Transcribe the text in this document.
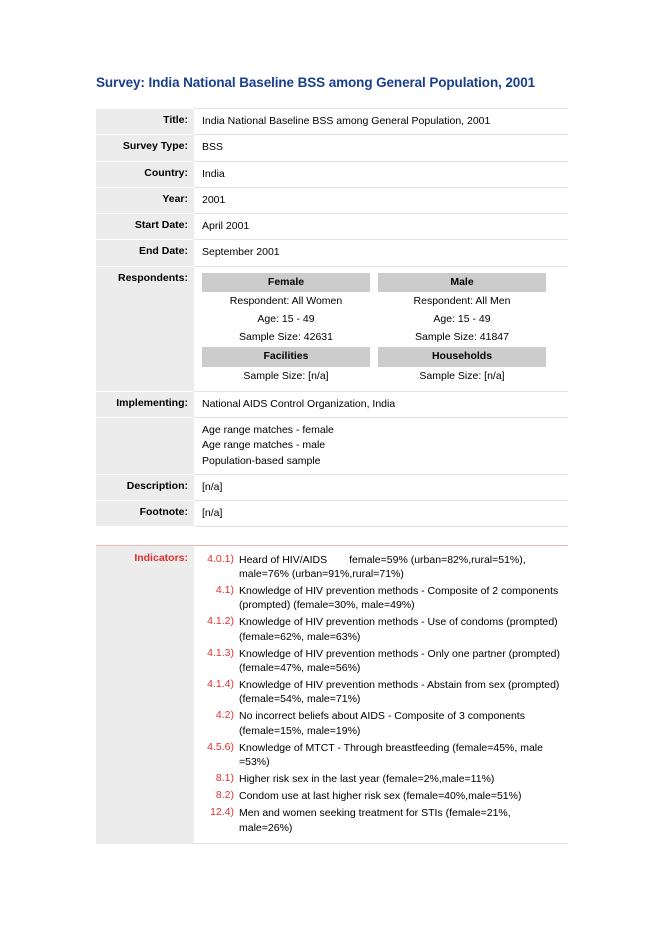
Survey: India National Baseline BSS among General Population, 2001
Title:	India National Baseline BSS among General Population, 2001
Survey Type:	BSS
Country:	India
Year:	2001
Start Date:	April 2001
End Date:	September 2001
Respondents:		Female	Male
Respondent: All Women	Respondent: All Men
Age: 15 - 49	Age: 15 - 49
Sample Size: 42631	Sample Size: 41847
Facilities	Households
Sample Size: [n/a]	Sample Size: [n/a]

Implementing:	National AIDS Control Organization, India

Age range matches - female
Age range matches - male
Population-based sample

Description:	[n/a]
Footnote:	[n/a]
Indicators:	4.0.1)	Heard of HIV/AIDS female=59% (urban=82%,rural=51%), male=76% (urban=91%,rural=71%)
4.1)	Knowledge of HIV prevention methods - Composite of 2 components (prompted) (female=30%, male=49%)
4.1.2)	Knowledge of HIV prevention methods - Use of condoms (prompted) (female=62%, male=63%)
4.1.3)	Knowledge of HIV prevention methods - Only one partner (prompted) (female=47%, male=56%)
4.1.4)	Knowledge of HIV prevention methods - Abstain from sex (prompted) (female=54%, male=71%)
4.2)	No incorrect beliefs about AIDS - Composite of 3 components (female=15%, male=19%)
4.5.6)	Knowledge of MTCT - Through breastfeeding (female=45%, male =53%)
8.1)	Higher risk sex in the last year (female=2%,male=11%)
8.2)	Condom use at last higher risk sex (female=40%,male=51%)
12.4)	Men and women seeking treatment for STIs (female=21%, male=26%)
